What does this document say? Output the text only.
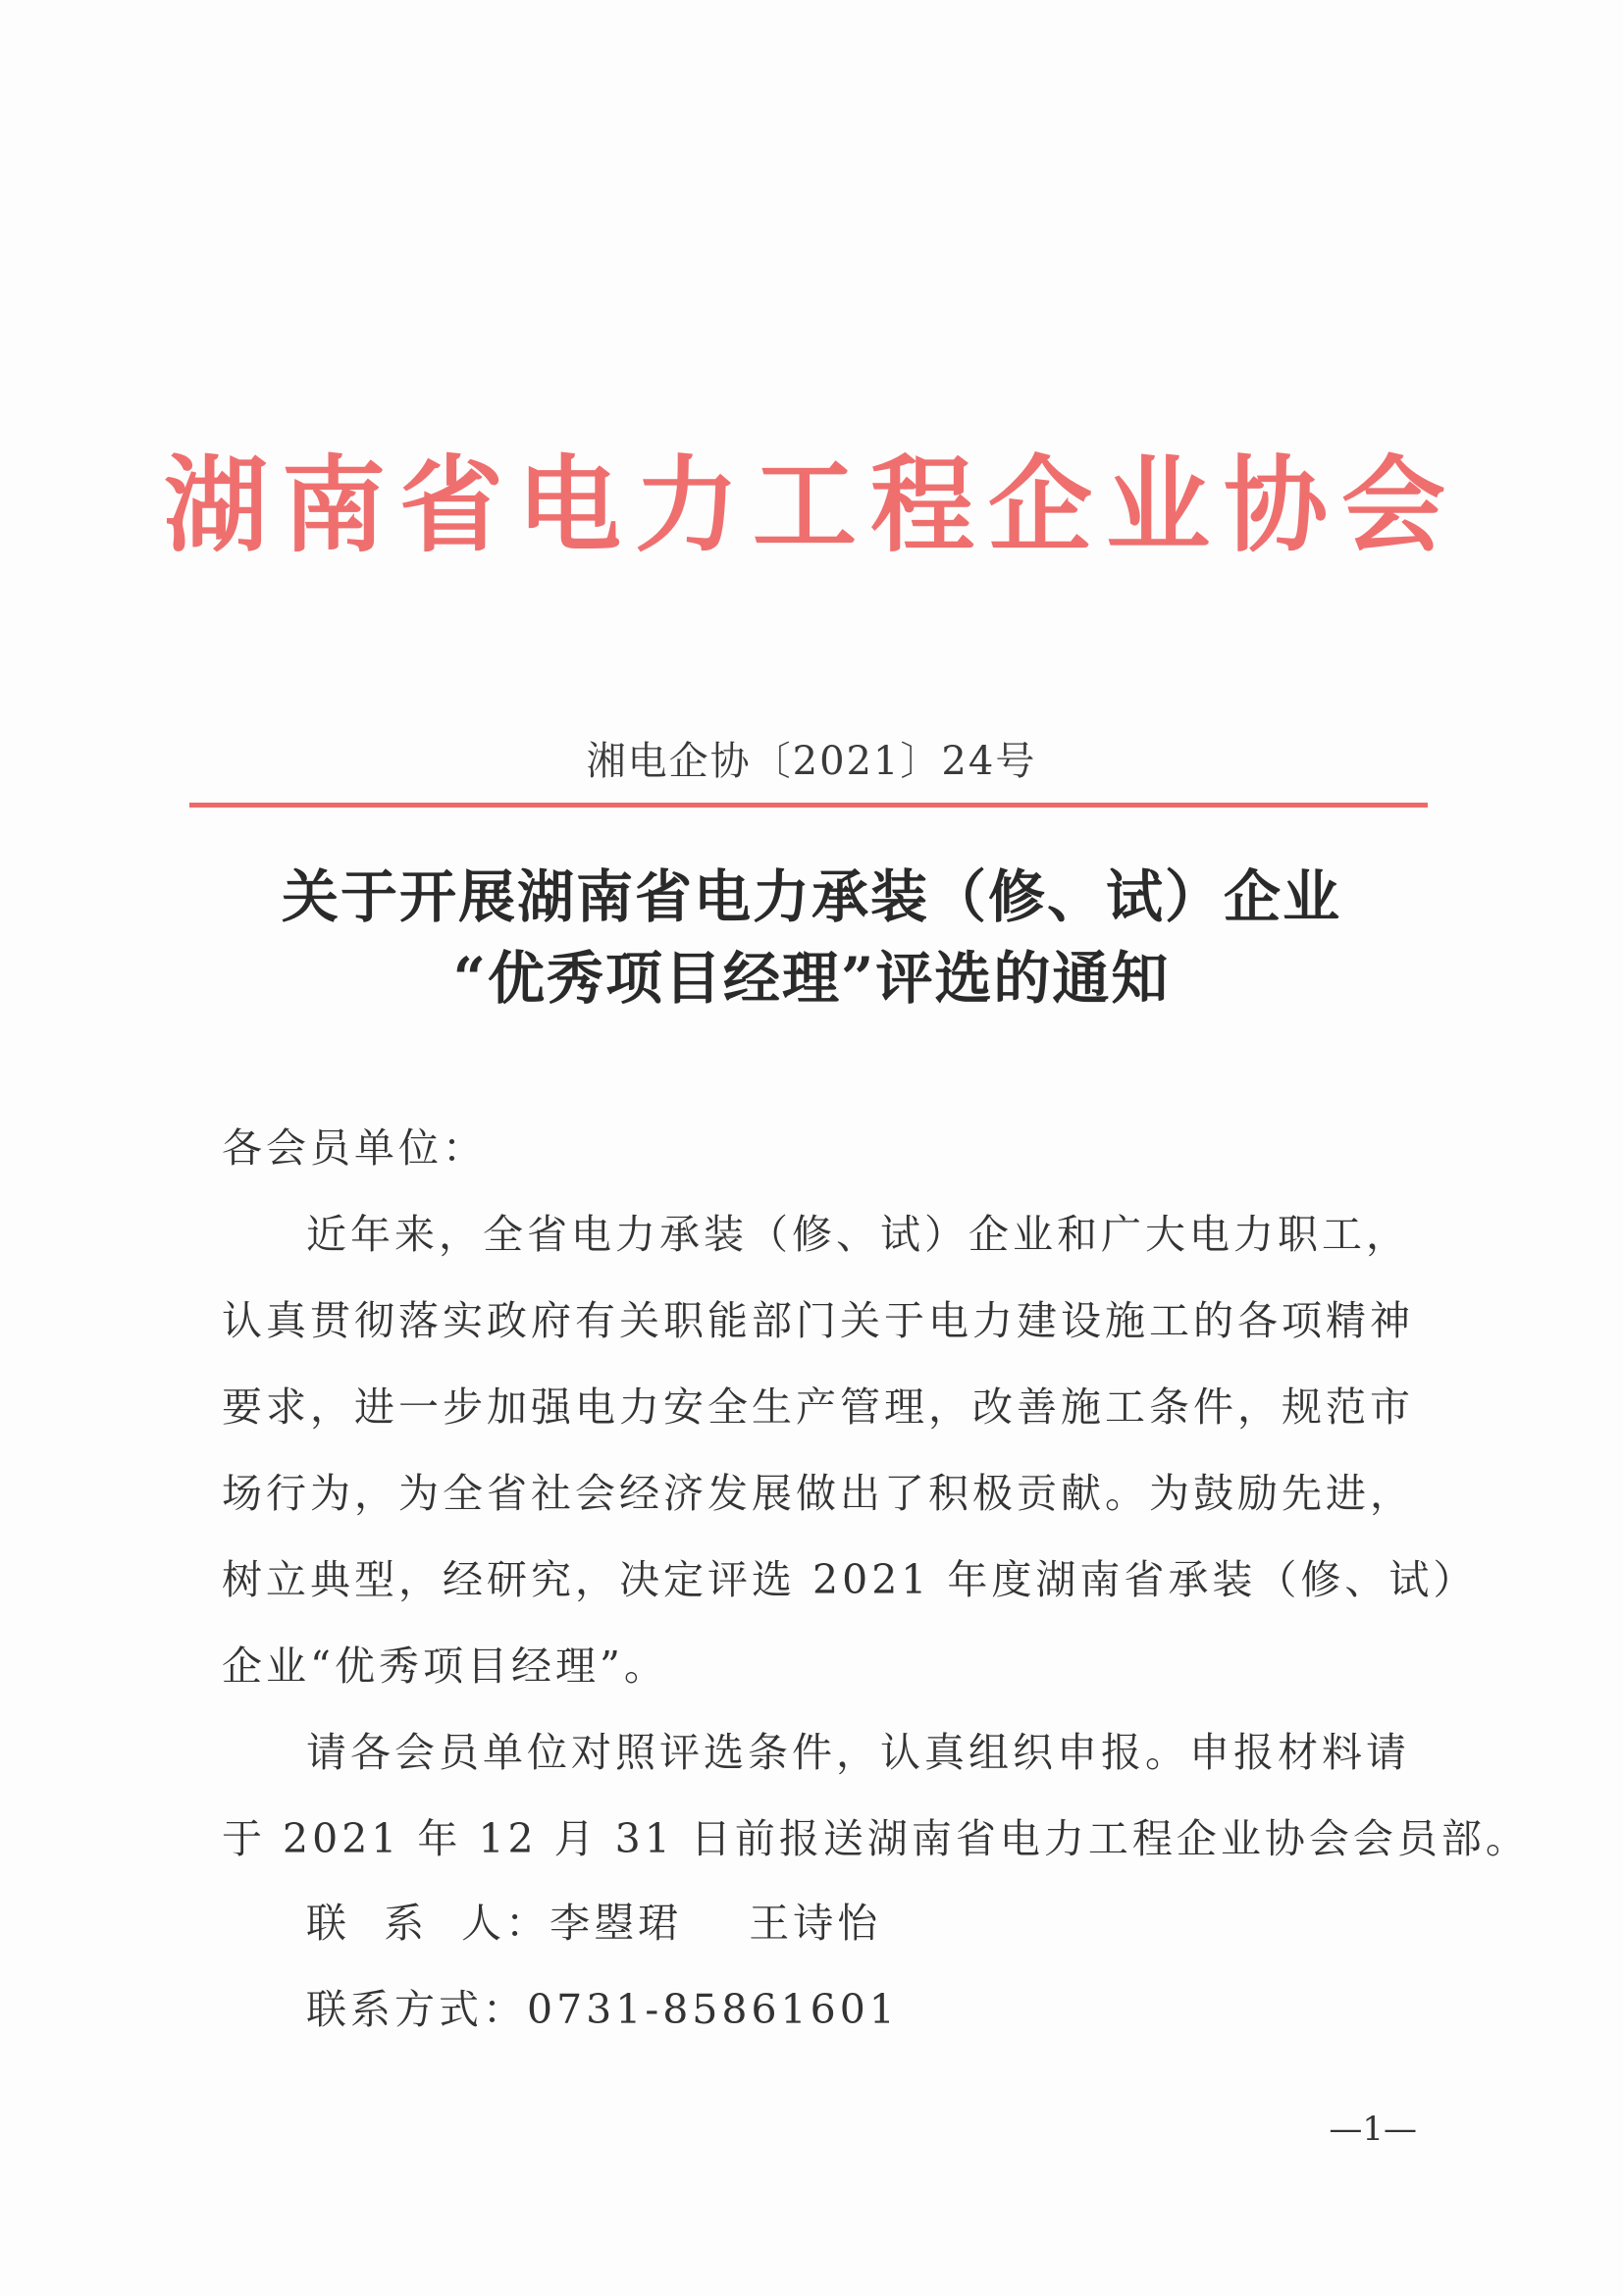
湖南省电力工程企业协会
湘电企协〔2021〕24号
关于开展湖南省电力承装（修、试）企业
“优秀项目经理”评选的通知
各会员单位：
近年来，全省电力承装（修、试）企业和广大电力职工，
认真贯彻落实政府有关职能部门关于电力建设施工的各项精神
要求，进一步加强电力安全生产管理，改善施工条件，规范市
场行为，为全省社会经济发展做出了积极贡献。为鼓励先进，
树立典型，经研究，决定评选 2021 年度湖南省承装（修、试）
企业“优秀项目经理”。
请各会员单位对照评选条件，认真组织申报。申报材料请
于 2021 年 12 月 31 日前报送湖南省电力工程企业协会会员部。
联  系  人：李曌珺    王诗怡
联系方式：0731-85861601
—1—
